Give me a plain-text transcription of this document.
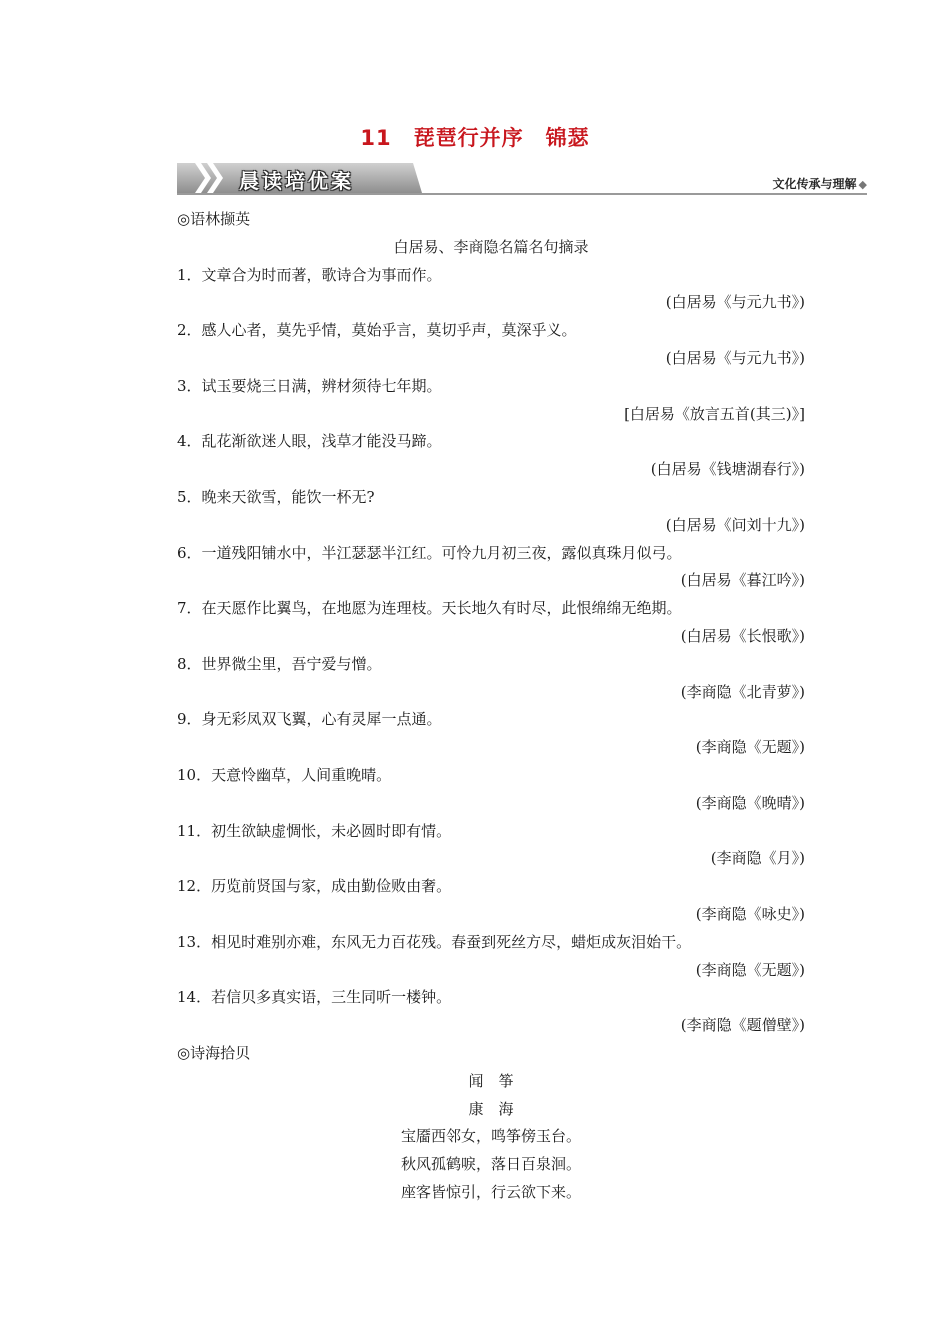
11 琵琶行并序 锦瑟
晨读培优案	文化传承与理解 ◆
◎语林撷英
白居易、李商隐名篇名句摘录
1．文章合为时而著，歌诗合为事而作。
(白居易《与元九书》)
2．感人心者，莫先乎情，莫始乎言，莫切乎声，莫深乎义。
(白居易《与元九书》)
3．试玉要烧三日满，辨材须待七年期。
[白居易《放言五首(其三)》]
4．乱花渐欲迷人眼，浅草才能没马蹄。
(白居易《钱塘湖春行》)
5．晚来天欲雪，能饮一杯无?
(白居易《问刘十九》)
6．一道残阳铺水中，半江瑟瑟半江红。可怜九月初三夜，露似真珠月似弓。
(白居易《暮江吟》)
7．在天愿作比翼鸟，在地愿为连理枝。天长地久有时尽，此恨绵绵无绝期。
(白居易《长恨歌》)
8．世界微尘里，吾宁爱与憎。
(李商隐《北青萝》)
9．身无彩凤双飞翼，心有灵犀一点通。
(李商隐《无题》)
10．天意怜幽草，人间重晚晴。
(李商隐《晚晴》)
11．初生欲缺虚惆怅，未必圆时即有情。
(李商隐《月》)
12．历览前贤国与家，成由勤俭败由奢。
(李商隐《咏史》)
13．相见时难别亦难，东风无力百花残。春蚕到死丝方尽，蜡炬成灰泪始干。
(李商隐《无题》)
14．若信贝多真实语，三生同听一楼钟。
(李商隐《题僧壁》)
◎诗海拾贝
闻　筝
康　海
宝靥西邻女，鸣筝傍玉台。
秋风孤鹤唳，落日百泉洄。
座客皆惊引，行云欲下来。
